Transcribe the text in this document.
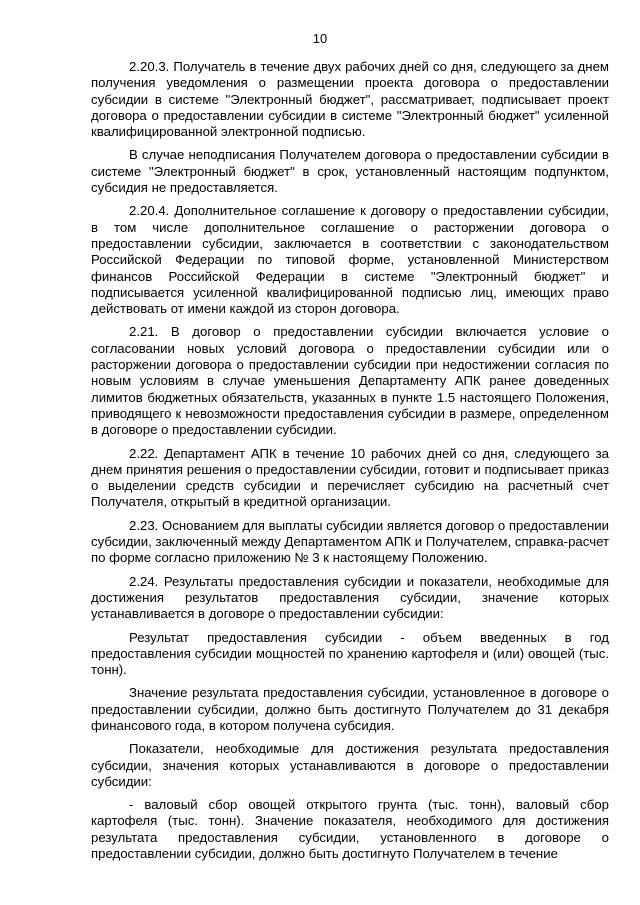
10

2.20.3. Получатель в течение двух рабочих дней со дня, следующего за днем получения уведомления о размещении проекта договора о предоставлении субсидии в системе "Электронный бюджет", рассматривает, подписывает проект договора о предоставлении субсидии в системе "Электронный бюджет" усиленной квалифицированной электронной подписью.

В случае неподписания Получателем договора о предоставлении субсидии в системе "Электронный бюджет" в срок, установленный настоящим подпунктом, субсидия не предоставляется.

2.20.4. Дополнительное соглашение к договору о предоставлении субсидии, в том числе дополнительное соглашение о расторжении договора о предоставлении субсидии, заключается в соответствии с законодательством Российской Федерации по типовой форме, установленной Министерством финансов Российской Федерации в системе "Электронный бюджет" и подписывается усиленной квалифицированной подписью лиц, имеющих право действовать от имени каждой из сторон договора.

2.21. В договор о предоставлении субсидии включается условие о согласовании новых условий договора о предоставлении субсидии или о расторжении договора о предоставлении субсидии при недостижении согласия по новым условиям в случае уменьшения Департаменту АПК ранее доведенных лимитов бюджетных обязательств, указанных в пункте 1.5 настоящего Положения, приводящего к невозможности предоставления субсидии в размере, определенном в договоре о предоставлении субсидии.

2.22. Департамент АПК в течение 10 рабочих дней со дня, следующего за днем принятия решения о предоставлении субсидии, готовит и подписывает приказ о выделении средств субсидии и перечисляет субсидию на расчетный счет Получателя, открытый в кредитной организации.

2.23. Основанием для выплаты субсидии является договор о предоставлении субсидии, заключенный между Департаментом АПК и Получателем, справка-расчет по форме согласно приложению № 3 к настоящему Положению.

2.24. Результаты предоставления субсидии и показатели, необходимые для достижения результатов предоставления субсидии, значение которых устанавливается в договоре о предоставлении субсидии:

Результат предоставления субсидии - объем введенных в год предоставления субсидии мощностей по хранению картофеля и (или) овощей (тыс. тонн).

Значение результата предоставления субсидии, установленное в договоре о предоставлении субсидии, должно быть достигнуто Получателем до 31 декабря финансового года, в котором получена субсидия.

Показатели, необходимые для достижения результата предоставления субсидии, значения которых устанавливаются в договоре о предоставлении субсидии:

- валовый сбор овощей открытого грунта (тыс. тонн), валовый сбор картофеля (тыс. тонн). Значение показателя, необходимого для достижения результата предоставления субсидии, установленного в договоре о предоставлении субсидии, должно быть достигнуто Получателем в течение
